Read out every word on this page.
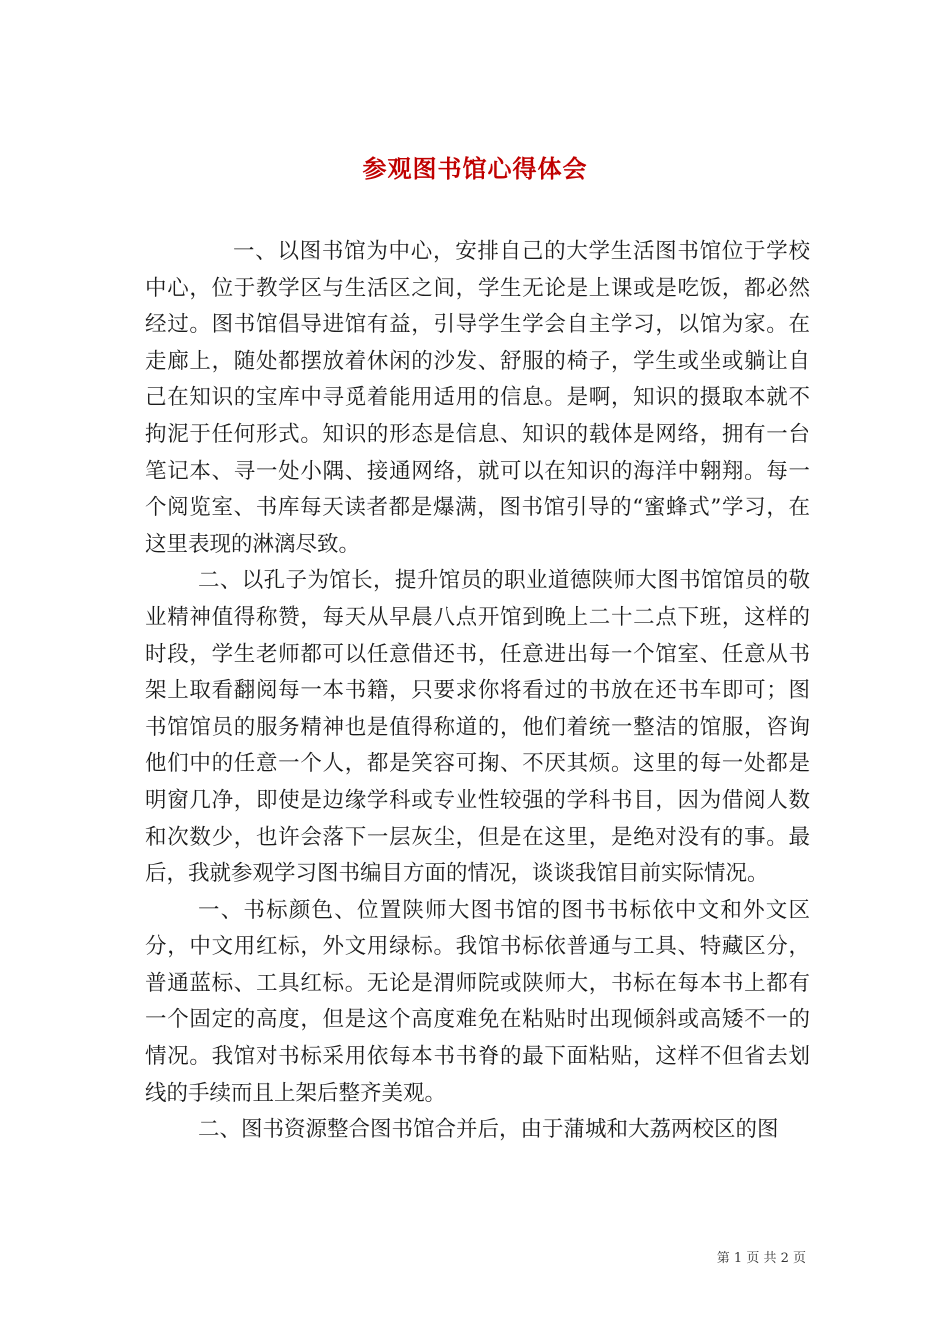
参观图书馆心得体会

一、以图书馆为中心，安排自己的大学生活图书馆位于学校中心，位于教学区与生活区之间，学生无论是上课或是吃饭，都必然经过。图书馆倡导进馆有益，引导学生学会自主学习，以馆为家。在走廊上，随处都摆放着休闲的沙发、舒服的椅子，学生或坐或躺让自己在知识的宝库中寻觅着能用适用的信息。是啊，知识的摄取本就不拘泥于任何形式。知识的形态是信息、知识的载体是网络，拥有一台笔记本、寻一处小隅、接通网络，就可以在知识的海洋中翱翔。每一个阅览室、书库每天读者都是爆满，图书馆引导的“蜜蜂式”学习，在这里表现的淋漓尽致。

二、以孔子为馆长，提升馆员的职业道德陕师大图书馆馆员的敬业精神值得称赞，每天从早晨八点开馆到晚上二十二点下班，这样的时段，学生老师都可以任意借还书，任意进出每一个馆室、任意从书架上取看翻阅每一本书籍，只要求你将看过的书放在还书车即可；图书馆馆员的服务精神也是值得称道的，他们着统一整洁的馆服，咨询他们中的任意一个人，都是笑容可掬、不厌其烦。这里的每一处都是明窗几净，即使是边缘学科或专业性较强的学科书目，因为借阅人数和次数少，也许会落下一层灰尘，但是在这里，是绝对没有的事。最后，我就参观学习图书编目方面的情况，谈谈我馆目前实际情况。

一、书标颜色、位置陕师大图书馆的图书书标依中文和外文区分，中文用红标，外文用绿标。我馆书标依普通与工具、特藏区分，普通蓝标、工具红标。无论是渭师院或陕师大，书标在每本书上都有一个固定的高度，但是这个高度难免在粘贴时出现倾斜或高矮不一的情况。我馆对书标采用依每本书书脊的最下面粘贴，这样不但省去划线的手续而且上架后整齐美观。

二、图书资源整合图书馆合并后，由于蒲城和大荔两校区的图

第 1 页 共 2 页
